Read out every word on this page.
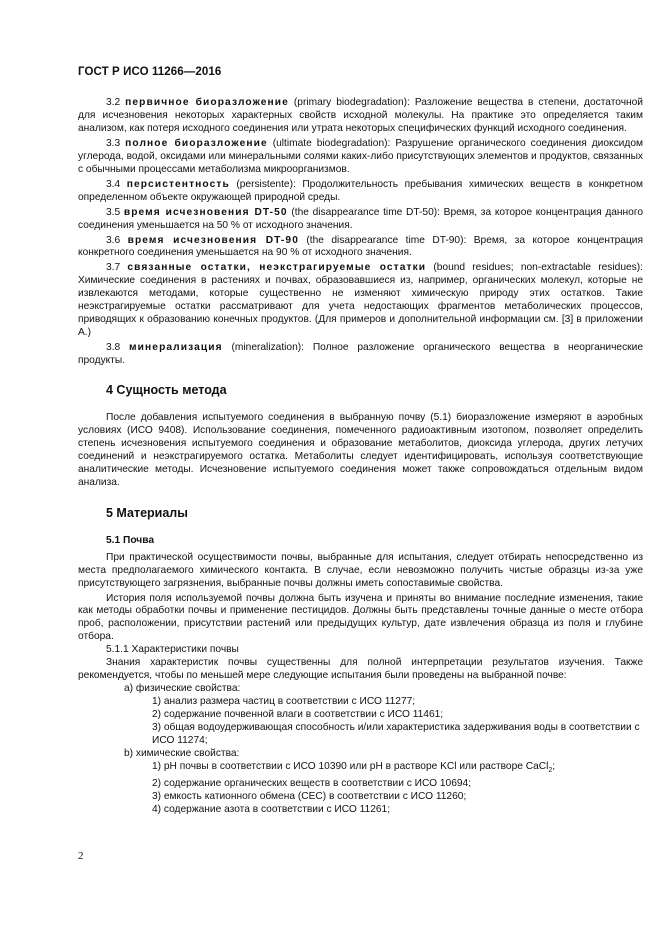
ГОСТ Р ИСО 11266—2016

3.2 первичное биоразложение (primary biodegradation): Разложение вещества в степени, достаточной для исчезновения некоторых характерных свойств исходной молекулы. На практике это определяется таким анализом, как потеря исходного соединения или утрата некоторых специфических функций исходного соединения.

3.3 полное биоразложение (ultimate biodegradation): Разрушение органического соединения диоксидом углерода, водой, оксидами или минеральными солями каких-либо присутствующих элементов и продуктов, связанных с обычными процессами метаболизма микроорганизмов.

3.4 персистентность (persistente): Продолжительность пребывания химических веществ в конкретном определенном объекте окружающей природной среды.

3.5 время исчезновения DT-50 (the disappearance time DT-50): Время, за которое концентрация данного соединения уменьшается на 50 % от исходного значения.

3.6 время исчезновения DT-90 (the disappearance time DT-90): Время, за которое концентрация конкретного соединения уменьшается на 90 % от исходного значения.

3.7 связанные остатки, неэкстрагируемые остатки (bound residues; non-extractable residues): Химические соединения в растениях и почвах, образовавшиеся из, например, органических молекул, которые не извлекаются методами, которые существенно не изменяют химическую природу этих остатков. Такие неэкстрагируемые остатки рассматривают для учета недостающих фрагментов метаболических процессов, приводящих к образованию конечных продуктов. (Для примеров и дополнительной информации см. [3] в приложении А.)

3.8 минерализация (mineralization): Полное разложение органического вещества в неорганические продукты.

4 Сущность метода

После добавления испытуемого соединения в выбранную почву (5.1) биоразложение измеряют в аэробных условиях (ИСО 9408). Использование соединения, помеченного радиоактивным изотопом, позволяет определить степень исчезновения испытуемого соединения и образование метаболитов, диоксида углерода, других летучих соединений и неэкстрагируемого остатка. Метаболиты следует идентифицировать, используя соответствующие аналитические методы. Исчезновение испытуемого соединения может также сопровождаться отдельным видом анализа.

5 Материалы
5.1 Почва

При практической осуществимости почвы, выбранные для испытания, следует отбирать непосредственно из места предполагаемого химического контакта. В случае, если невозможно получить чистые образцы из-за уже присутствующего загрязнения, выбранные почвы должны иметь сопоставимые свойства.

История поля используемой почвы должна быть изучена и приняты во внимание последние изменения, такие как методы обработки почвы и применение пестицидов. Должны быть представлены точные данные о месте отбора проб, расположении, присутствии растений или предыдущих культур, дате извлечения образца из поля и глубине отбора.

5.1.1 Характеристики почвы

Знания характеристик почвы существенны для полной интерпретации результатов изучения. Также рекомендуется, чтобы по меньшей мере следующие испытания были проведены на выбранной почве:

а) физические свойства:
1) анализ размера частиц в соответствии с ИСО 11277;
2) содержание почвенной влаги в соответствии с ИСО 11461;
3) общая водоудерживающая способность и/или характеристика задерживания воды в соответствии с ИСО 11274;
b) химические свойства:
1) pH почвы в соответствии с ИСО 10390 или pH в растворе KCl или растворе CaCl$_2$;
2) содержание органических веществ в соответствии с ИСО 10694;
3) емкость катионного обмена (CEC) в соответствии с ИСО 11260;
4) содержание азота в соответствии с ИСО 11261;
2
